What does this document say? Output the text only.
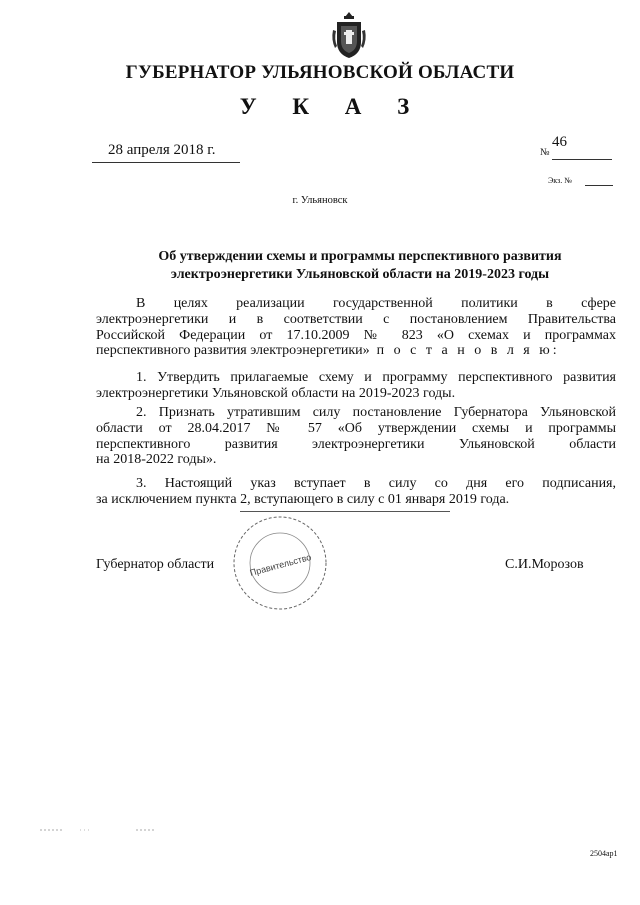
ГУБЕРНАТОР УЛЬЯНОВСКОЙ ОБЛАСТИ
У К А З
28 апреля 2018 г.	№
46
Экз. №
г. Ульяновск
Об утверждении схемы и программы перспективного развития
электроэнергетики Ульяновской области на 2019-2023 годы
В целях реализации государственной политики в сфере
электроэнергетики и в соответствии с постановлением Правительства
Российской Федерации от 17.10.2009 № 823 «О схемах и программах
перспективного развития электроэнергетики» п о с т а н о в л я ю:
1. Утвердить прилагаемые схему и программу перспективного развития
электроэнергетики Ульяновской области на 2019-2023 годы.
2. Признать утратившим силу постановление Губернатора Ульяновской
области от 28.04.2017 № 57 «Об утверждении схемы и программы
перспективного развития электроэнергетики Ульяновской области
на 2018-2022 годы».
3. Настоящий указ вступает в силу со дня его подписания,
за исключением пункта 2, вступающего в силу с 01 января 2019 года.
Правительство
Губернатор области	С.И.Морозов
2504ap1
